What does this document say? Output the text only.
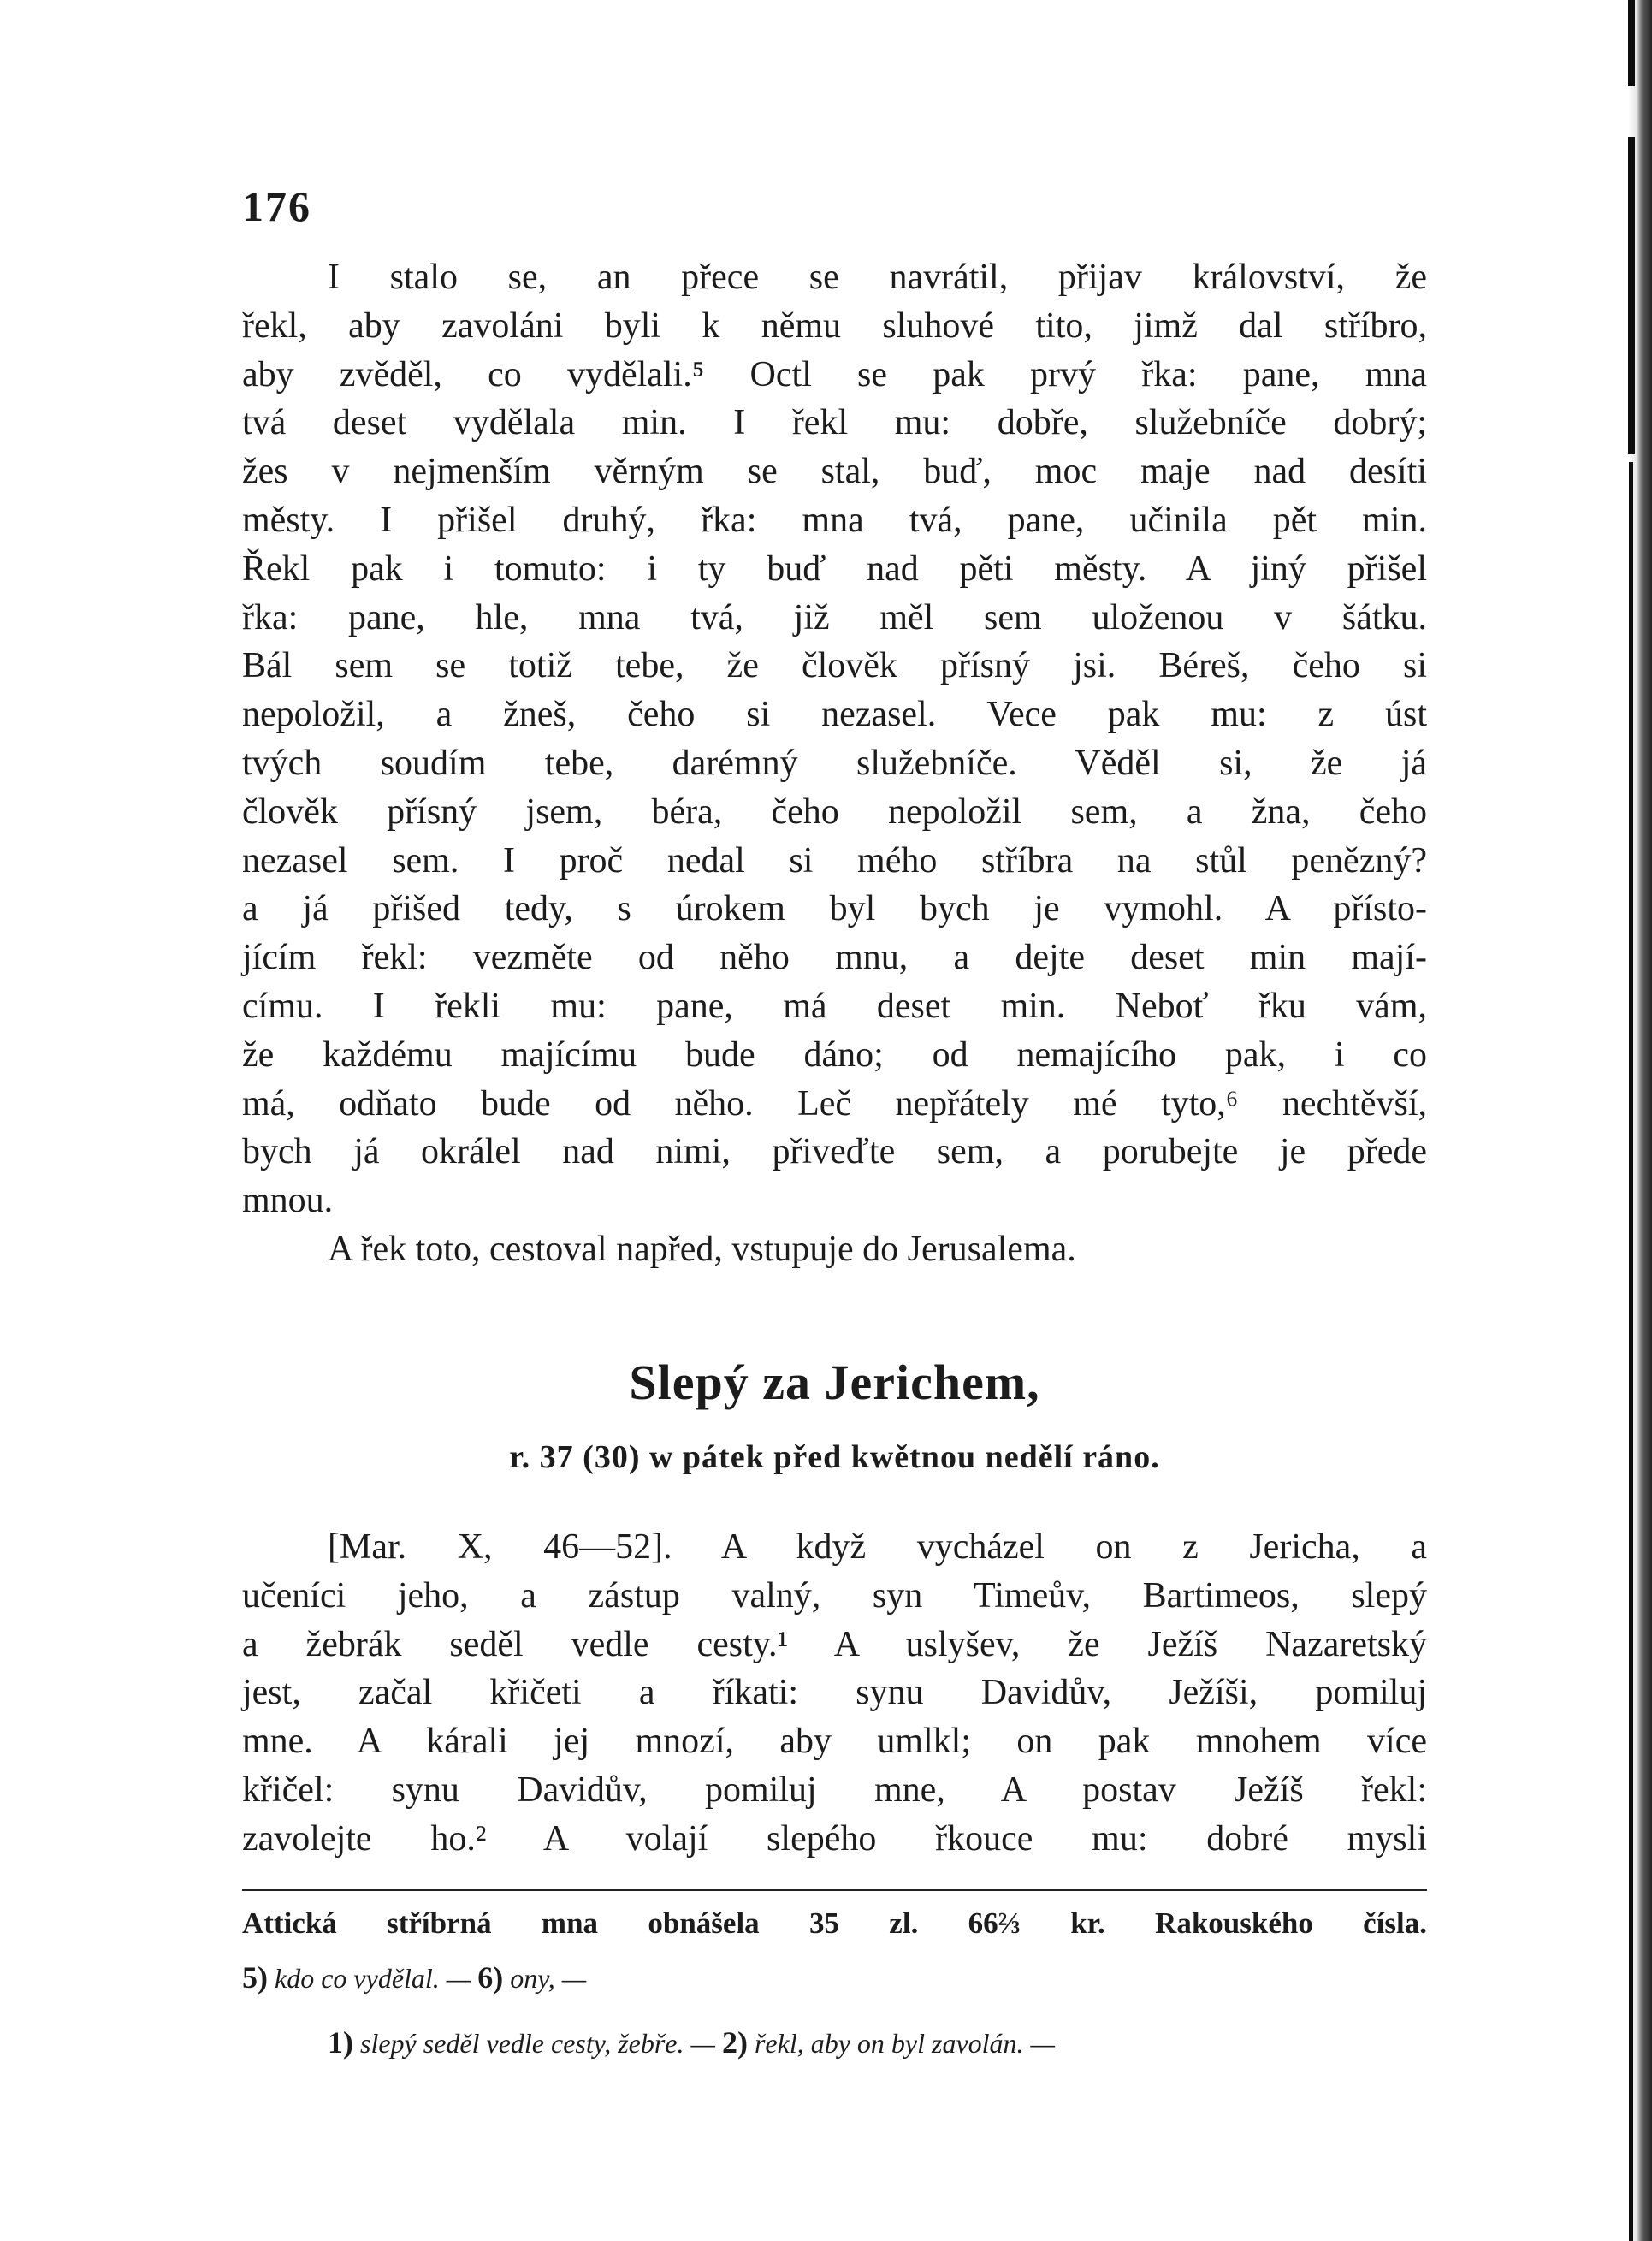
176
I stalo se, an přece se navrátil, přijav království, že
řekl, aby zavoláni byli k němu sluhové tito, jimž dal stříbro,
aby zvěděl, co vydělali.⁵ Octl se pak prvý řka: pane, mna
tvá deset vydělala min. I řekl mu: dobře, služebníče dobrý;
žes v nejmenším věrným se stal, buď, moc maje nad desíti
městy. I přišel druhý, řka: mna tvá, pane, učinila pět min.
Řekl pak i tomuto: i ty buď nad pěti městy. A jiný přišel
řka: pane, hle, mna tvá, již měl sem uloženou v šátku.
Bál sem se totiž tebe, že člověk přísný jsi. Béreš, čeho si
nepoložil, a žneš, čeho si nezasel. Vece pak mu: z úst
tvých soudím tebe, darémný služebníče. Věděl si, že já
člověk přísný jsem, béra, čeho nepoložil sem, a žna, čeho
nezasel sem. I proč nedal si mého stříbra na stůl penězný?
a já přišed tedy, s úrokem byl bych je vymohl. A přísto-
jícím řekl: vezměte od něho mnu, a dejte deset min mají-
címu. I řekli mu: pane, má deset min. Neboť řku vám,
že každému majícímu bude dáno; od nemajícího pak, i co
má, odňato bude od něho. Leč nepřátely mé tyto,⁶ nechtěvší,
bych já okrálel nad nimi, přiveďte sem, a porubejte je přede
mnou.
A řek toto, cestoval napřed, vstupuje do Jerusalema.
Slepý za Jerichem,
r. 37 (30) w pátek před kwětnou nedělí ráno.
[Mar. X, 46—52]. A když vycházel on z Jericha, a
učeníci jeho, a zástup valný, syn Timeův, Bartimeos, slepý
a žebrák seděl vedle cesty.¹ A uslyšev, že Ježíš Nazaretský
jest, začal křičeti a říkati: synu Davidův, Ježíši, pomiluj
mne. A kárali jej mnozí, aby umlkl; on pak mnohem více
křičel: synu Davidův, pomiluj mne, A postav Ježíš řekl:
zavolejte ho.² A volají slepého řkouce mu: dobré mysli
Attická stříbrná mna obnášela 35 zl. 66⅔ kr. Rakouského čísla.
5) kdo co vydělal. — 6) ony, —
1) slepý seděl vedle cesty, žebře. — 2) řekl, aby on byl zavolán. —
